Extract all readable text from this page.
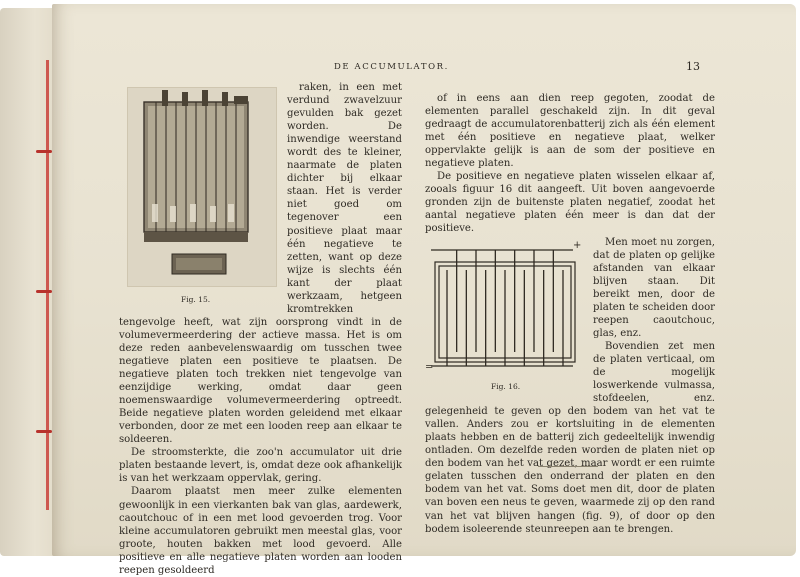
DE ACCUMULATOR.	13
Fig. 15.

raken, in een met verdund zwavelzuur gevulden bak gezet worden. De inwendige weerstand wordt des te kleiner, naarmate de platen dichter bij elkaar staan. Het is verder niet goed om tegenover een positieve plaat maar één negatieve te zetten, want op deze wijze is slechts één kant der plaat werkzaam, hetgeen kromtrekken tengevolge heeft, wat zijn oorsprong vindt in de volumevermeerdering der actieve massa. Het is om deze reden aanbevelenswaardig om tusschen twee negatieve platen een positieve te plaatsen. De negatieve platen toch trekken niet tengevolge van eenzijdige werking, omdat daar geen noemenswaardige volumevermeerdering optreedt. Beide negatieve platen worden geleidend met elkaar verbonden, door ze met een looden reep aan elkaar te soldeeren.

De stroomsterkte, die zoo'n accumulator uit drie platen bestaande levert, is, omdat deze ook afhankelijk is van het werkzaam oppervlak, gering.

Daarom plaatst men meer zulke elementen gewoonlijk in een vierkanten bak van glas, aardewerk, caoutchouc of in een met lood gevoerden trog. Voor kleine accumulatoren gebruikt men meestal glas, voor groote, houten bakken met lood gevoerd. Alle positieve en alle negatieve platen worden aan looden reepen gesoldeerd

of in eens aan dien reep gegoten, zoodat de elementen parallel geschakeld zijn. In dit geval gedraagt de accumulatorenbatterij zich als één element met één positieve en negatieve plaat, welker oppervlakte gelijk is aan de som der positieve en negatieve platen.

De positieve en negatieve platen wisselen elkaar af, zooals figuur 16 dit aangeeft. Uit boven aangevoerde gronden zijn de buitenste platen negatief, zoodat het aantal negatieve platen één meer is dan dat der positieve.

+
=
Fig. 16.

Men moet nu zorgen, dat de platen op gelijke afstanden van elkaar blijven staan. Dit bereikt men, door de platen te scheiden door reepen caoutchouc, glas, enz.

Bovendien zet men de platen verticaal, om de mogelijk loswerkende vulmassa, stofdeelen, enz. gelegenheid te geven op den bodem van het vat te vallen. Anders zou er kortsluiting in de elementen plaats hebben en de batterij zich gedeeltelijk inwendig ontladen. Om dezelfde reden worden de platen niet op den bodem van het vat gezet, maar wordt er een ruimte gelaten tusschen den onderrand der platen en den bodem van het vat. Soms doet men dit, door de platen van boven een neus te geven, waarmede zij op den rand van het vat blijven hangen (fig. 9), of door op den bodem isoleerende steunreepen aan te brengen.
